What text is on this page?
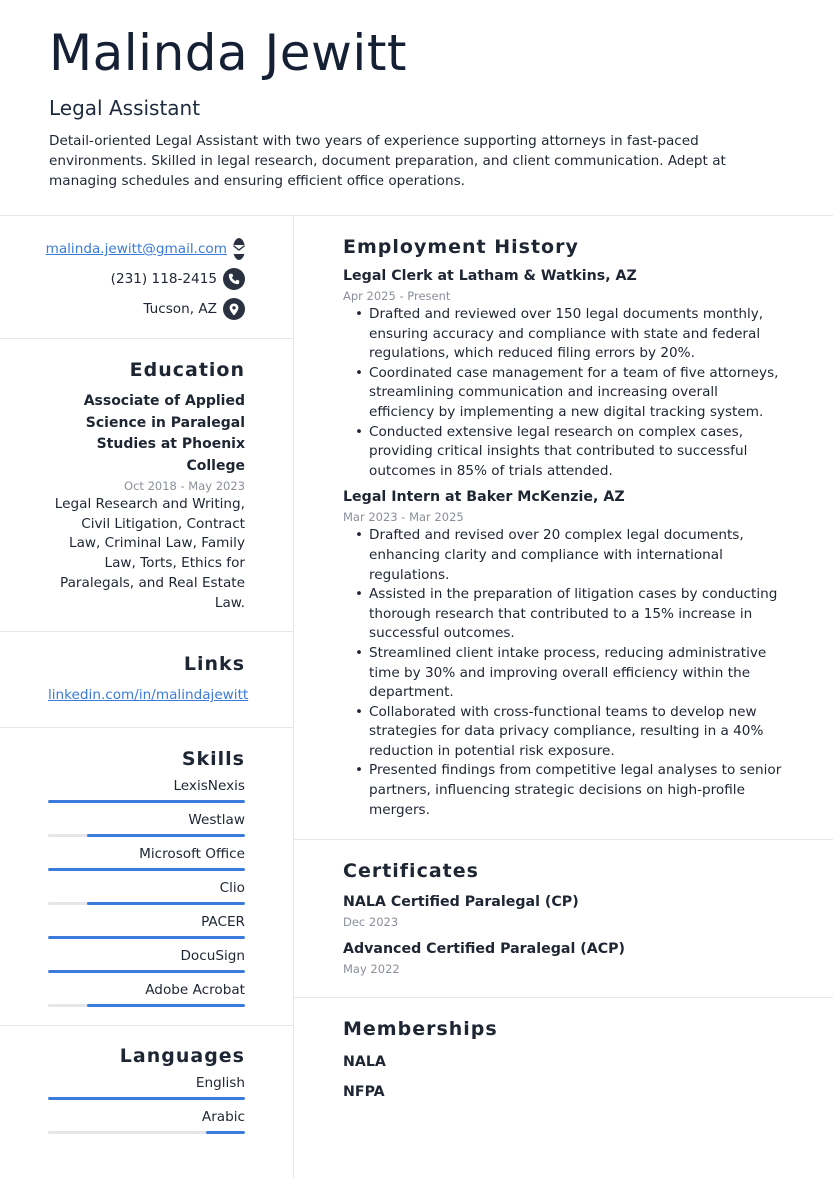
Malinda Jewitt
Legal Assistant
Detail-oriented Legal Assistant with two years of experience supporting attorneys in fast-paced environments. Skilled in legal research, document preparation, and client communication. Adept at managing schedules and ensuring efficient office operations.
malinda.jewitt@gmail.com
(231) 118-2415
Tucson, AZ
Education
Associate of Applied Science in Paralegal Studies at Phoenix College
Oct 2018 - May 2023
Legal Research and Writing, Civil Litigation, Contract Law, Criminal Law, Family Law, Torts, Ethics for Paralegals, and Real Estate Law.
Links
linkedin.com/in/malindajewitt
Skills
LexisNexis
Westlaw
Microsoft Office
Clio
PACER
DocuSign
Adobe Acrobat
Languages
English
Arabic
Employment History
Legal Clerk at Latham & Watkins, AZ
Apr 2025 - Present
• Drafted and reviewed over 150 legal documents monthly, ensuring accuracy and compliance with state and federal regulations, which reduced filing errors by 20%.
• Coordinated case management for a team of five attorneys, streamlining communication and increasing overall efficiency by implementing a new digital tracking system.
• Conducted extensive legal research on complex cases, providing critical insights that contributed to successful outcomes in 85% of trials attended.
Legal Intern at Baker McKenzie, AZ
Mar 2023 - Mar 2025
• Drafted and revised over 20 complex legal documents, enhancing clarity and compliance with international regulations.
• Assisted in the preparation of litigation cases by conducting thorough research that contributed to a 15% increase in successful outcomes.
• Streamlined client intake process, reducing administrative time by 30% and improving overall efficiency within the department.
• Collaborated with cross-functional teams to develop new strategies for data privacy compliance, resulting in a 40% reduction in potential risk exposure.
• Presented findings from competitive legal analyses to senior partners, influencing strategic decisions on high-profile mergers.
Certificates
NALA Certified Paralegal (CP)
Dec 2023
Advanced Certified Paralegal (ACP)
May 2022
Memberships
NALA
NFPA
